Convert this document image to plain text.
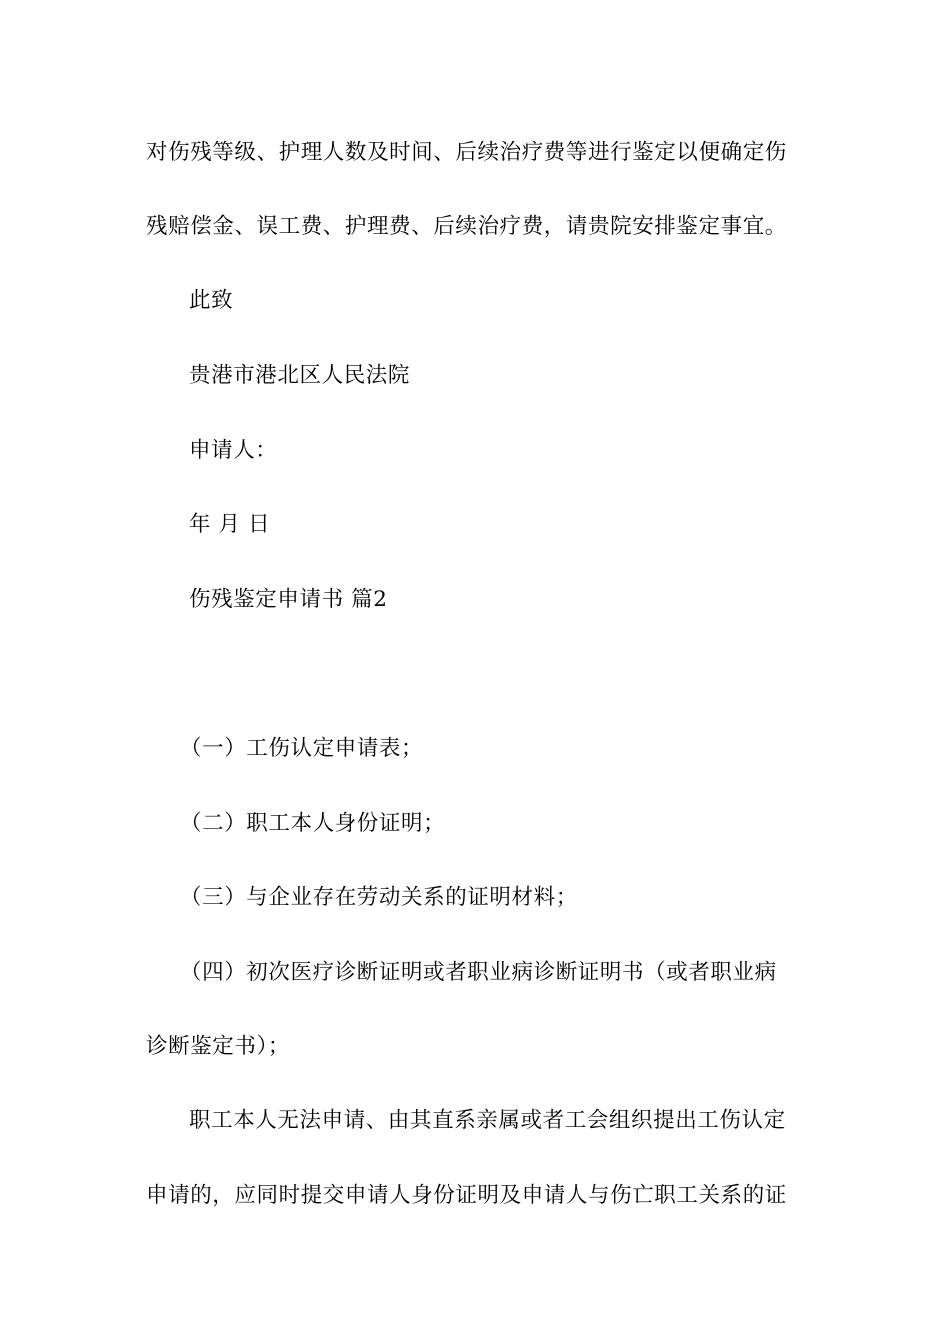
对伤残等级、护理人数及时间、后续治疗费等进行鉴定以便确定伤
残赔偿金、误工费、护理费、后续治疗费，请贵院安排鉴定事宜。
此致
贵港市港北区人民法院
申请人：
年 月 日
伤残鉴定申请书 篇2
（一）工伤认定申请表；
（二）职工本人身份证明；
（三）与企业存在劳动关系的证明材料；
（四）初次医疗诊断证明或者职业病诊断证明书（或者职业病
诊断鉴定书）；
职工本人无法申请、由其直系亲属或者工会组织提出工伤认定
申请的，应同时提交申请人身份证明及申请人与伤亡职工关系的证
